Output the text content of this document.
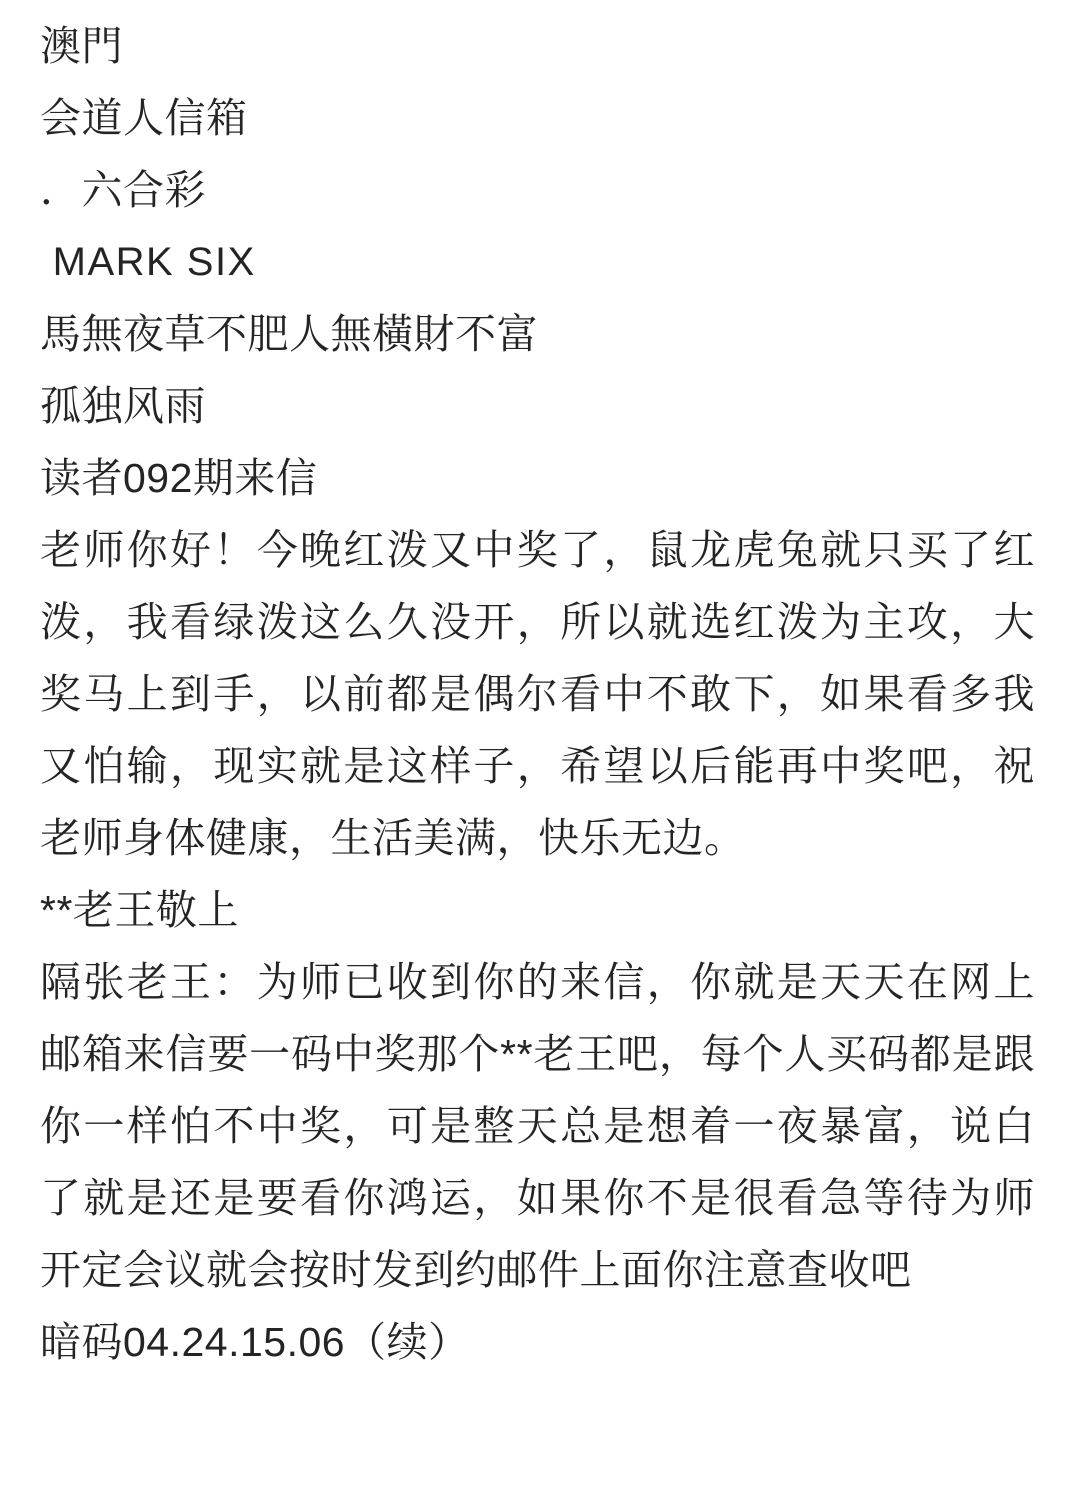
澳門
会道人信箱
．六合彩
MARK SIX
馬無夜草不肥人無橫財不富
孤独风雨
读者092期来信

老师你好！今晚红泼又中奖了，鼠龙虎兔就只买了红泼，我看绿泼这么久没开，所以就选红泼为主攻，大奖马上到手，以前都是偶尔看中不敢下，如果看多我又怕输，现实就是这样子，希望以后能再中奖吧，祝老师身体健康，生活美满，快乐无边。

**老王敬上

隔张老王：为师已收到你的来信，你就是天天在网上邮箱来信要一码中奖那个**老王吧，每个人买码都是跟你一样怕不中奖，可是整天总是想着一夜暴富，说白了就是还是要看你鸿运，如果你不是很看急等待为师开定会议就会按时发到约邮件上面你注意查收吧

暗码04.24.15.06（续）
